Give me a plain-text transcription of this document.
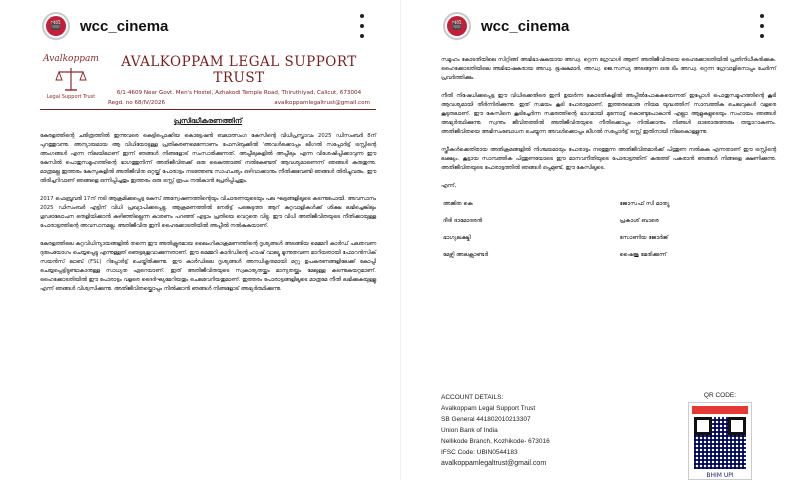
🎬 wcc_cinema
Avalkoppam
Legal Support Trust
AVALKOPPAM LEGAL SUPPORT TRUST
6/1-4609 Near Govt. Men's Hostel, Azhakodi Temple Road, Thiruthiyad, Calicut, 673004
Regd. no 68/IV/2026	avalkoppamlegaltrust@gmail.com
പ്രസിദ്ധീകരണത്തിന്

കേരളത്തിന്റെ ചരിത്രത്തിൽ ഇന്നുവരെ കെട്ടിപ്പൊക്കിയ കൊട്ടേഷൻ ബലാത്സംഗ കേസിന്റെ വിധിപ്രസ്താവം 2025 ഡിസംബർ 8ന് പുറത്തുവന്നു. അന്യായമായ ആ വിധിയോടുള്ള പ്രതികരണമെന്നോണം ഫേസ്ബുക്കിൽ 'അവൾക്കൊപ്പം ലീഗൽ സപ്പോർട്ട് ട്രസ്റ്റിന്റെ അംഗങ്ങൾ എന്ന നിലയിലാണ് ഇന്ന് ഞങ്ങൾ നിങ്ങളോട് സംസാരിക്കുന്നത്. അപ്പീലുകളിൽ അപ്പീലും എന്ന വിശേഷിപ്പിക്കാവുന്ന ഈ കേസിൽ പൊതുസമൂഹത്തിന്റെ ഭാഗത്തുനിന്ന് അതിജീവിതക്ക് ഒരു കൈത്താങ്ങ് നൽകേണ്ടത് ആവശ്യമാണെന്ന് ഞങ്ങൾ കരുതുന്നു. മാത്രമല്ല ഇത്തരം കേസുകളിൽ അതിജീവിത ഒറ്റയ്ക്ക് പോരാട്ടം നടത്തേണ്ട സാഹചര്യം ഒഴിവാക്കാനും നീതിക്കുവേണ്ടി ഞങ്ങൾ തിരിച്ചുവരും. ഈ തിരിച്ചറിവാണ് ഞങ്ങളെ ഒന്നിപ്പിച്ചതും ഇത്തരം ഒരു ട്രസ്റ്റ് രൂപം നൽകാൻ പ്രേരിപ്പിച്ചതും.

2017 ഫെബ്രുവരി 17ന് നടി ആക്രമിക്കപ്പെട്ട കേസ് അന്വേഷണത്തിന്റെയും വിചാരണയുടെയും പല ഘട്ടങ്ങളിലൂടെ കടന്നുപോയി. അവസാനം 2025 ഡിസംബർ എട്ടിന് വിധി പ്രഖ്യാപിക്കപ്പെട്ടു. ആക്രമണത്തിൽ നേരിട്ട് പങ്കെടുത്ത ആറ് കുറ്റവാളികൾക്ക് ശിക്ഷ ലഭിച്ചെങ്കിലും ഗൂഢാലോചന തെളിയിക്കാൻ കഴിഞ്ഞില്ലെന്ന കാരണം പറഞ്ഞ് എട്ടാം പ്രതിയെ വെറുതെ വിട്ടു. ഈ വിധി അതിജീവിതയുടെ നീതിക്കായുള്ള പോരാട്ടത്തിന്റെ അവസാനമല്ല. അതിജീവിത ഇനി ഹൈക്കോടതിയിൽ അപ്പീൽ നൽകുകയാണ്.

കേരളത്തിലെ കുറ്റവിധിന്യായങ്ങളിൽ തന്നെ ഈ അതിക്രൂരമായ ലൈംഗികാക്രമണത്തിന്റെ ദൃശ്യങ്ങൾ അടങ്ങിയ മെമ്മറി കാർഡ് പലതവണ ദുരുപയോഗം ചെയ്യപ്പെട്ടു എന്നുള്ളത് ഞെട്ടലുളവാക്കുന്നതാണ്. ഈ മെമ്മറി കാർഡിന്റെ ഹാഷ് വാല്യു മൂന്നുതവണ മാറിയതായി ഫോറൻസിക് സയൻസ് ലാബ് (FSL) റിപ്പോർട്ട് ചെയ്തിരിക്കുന്നു. ഈ കാർഡിലെ ദൃശ്യങ്ങൾ അനധികൃതമായി മറ്റു ഉപകരണങ്ങളിലേക്ക് കോപ്പി ചെയ്യപ്പെട്ടിട്ടുണ്ടാകാനുള്ള സാധ്യത ഏറെയാണ്. ഇത് അതിജീവിതയുടെ സ്വകാര്യതയ്ക്കും മാന്യതയ്ക്കും മേലുള്ള കടന്നുകയറ്റമാണ്. ഹൈക്കോടതിയിൽ ഈ പോരാട്ടം വളരെ ദൈർഘ്യമേറിയതും ചെലവേറിയതുമാണ്. ഇത്തരം പോരാട്ടങ്ങളിലൂടെ മാത്രമേ നീതി ലഭിക്കുകയുള്ളൂ എന്ന് ഞങ്ങൾ വിശ്വസിക്കുന്നു. അതിജീവിതയ്ക്കൊപ്പം നിൽക്കാൻ ഞങ്ങൾ നിങ്ങളോട് അഭ്യർത്ഥിക്കുന്നു.

🎬 wcc_cinema

സമൂഹം കോടതിയിലെ സിറ്റിങ്ങ് അഭിഭാഷകയായ അഡ്വ. റ്റെന്ന ഗ്രേവാൾ ആണ് അതിജീവിതയെ ഹൈക്കോടതിയിൽ പ്രതിനിധീകരിക്കുക. ഹൈക്കോടതിയിലെ അഭിഭാഷകരായ അഡ്വ. ഭൂഷകുമാർ, അഡ്വ. ജെ.സന്ധ്യ അടങ്ങുന്ന ഒരു ടീം അഡ്വ. റ്റെന്ന ഗ്രേവാളിനൊപ്പം ചേർന്ന് പ്രവർത്തിക്കും.

നീതി നിഷേധിക്കപ്പെട്ട ഈ വിധിക്കെതിരെ ഇനി ഉയർന്ന കോടതികളിൽ അപ്പീൽപോകുകയെന്നത് ഇപ്പോൾ പൊതുസമൂഹത്തിന്റെ കൂടി ആവശ്യമായി തീർന്നിരിക്കുന്നു. ഇത് സമയം കൂടി പോരാട്ടമാണ്. ഇത്തരമൊരു നിയമ യുദ്ധത്തിന് സാമ്പത്തിക ചെലവുകൾ വളരെ കൂടുതലാണ്. ഈ കേസിനെ കൂടിച്ചേർന്ന സമരത്തിന്റെ ഭാഗമായി മുന്നോട്ട് കൊണ്ടുപോകാൻ എല്ലാ ആളുകളുടെയും സഹായം ഞങ്ങൾ അഭ്യർത്ഥിക്കുന്നു. സ്വന്തം ജീവിതത്തിൽ അതിജീവിതയുടെ നീതിക്കൊപ്പം നിൽക്കാനും നിങ്ങൾ ഓരോരുത്തരും തയ്യാറാകണം. അതിജീവിതയെ അഭിസംബോധന ചെയ്യുന്ന അവൾക്കൊപ്പം ലീഗൽ സപ്പോർട്ട് ട്രസ്റ്റ് ഇതിനായി നിലകൊള്ളുന്നു.

സ്ത്രീകൾക്കെതിരായ അതിക്രമങ്ങളിൽ നിശ്ചയമായും പോരാട്ടം നടത്തുന്ന അതിജീവിതമാർക്ക് പിന്തുണ നൽകുക എന്നതാണ് ഈ ട്രസ്റ്റിന്റെ ലക്ഷ്യം. കൂട്ടായ സാമ്പത്തിക പിന്തുണയോടെ ഈ മാനവനീതിയുടെ പോരാട്ടത്തിന് കരുത്ത് പകരാൻ ഞങ്ങൾ നിങ്ങളെ ക്ഷണിക്കുന്നു. അതിജീവിതയുടെ പോരാട്ടത്തിൽ ഞങ്ങൾ ഒപ്പമുണ്ട്, ഈ കേസിലൂടെ.

എന്ന്,
അജിത കെ	ജോസഫ് സി മാത്യു
ദീദി ദാമോദരൻ	പ്രകാശ് ബാരെ
ഭാഗ്യലക്ഷ്മി	സോണിയ ജോർജ്
മേഴ്സി അലക്സാണ്ടർ	ഷൈജു മേരിക്കുന്ന്
ACCOUNT DETAILS:
Avalkoppam Legal Support Trust
SB General 441802010213307
Union Bank of India
Nellikode Branch, Kozhikode- 673016
IFSC Code: UBIN0544183
avalkoppamlegaltrust@gmail.com
QR CODE:
BHIM UPI
